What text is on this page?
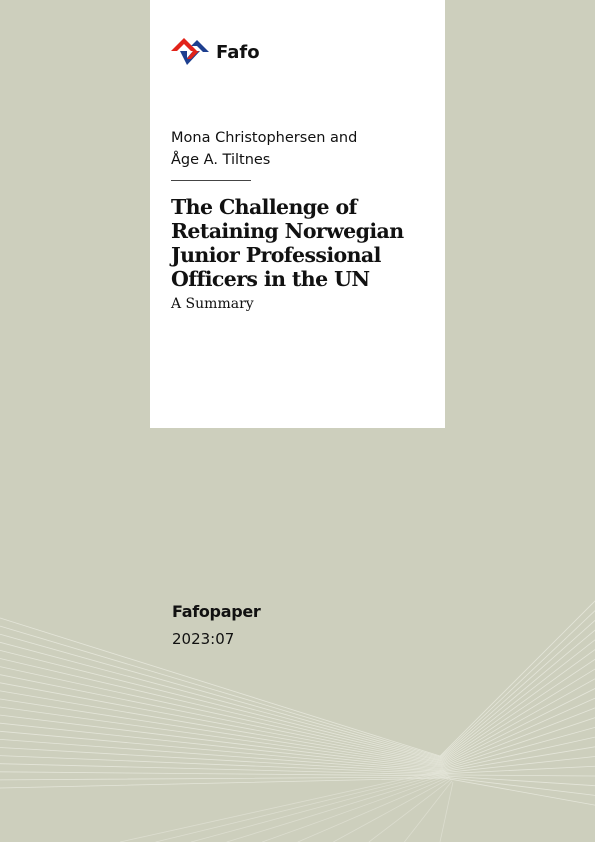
Fafo
Mona Christophersen and
Åge A. Tiltnes
The Challenge of
Retaining Norwegian
Junior Professional
Officers in the UN
A Summary
Fafopaper
2023:07
